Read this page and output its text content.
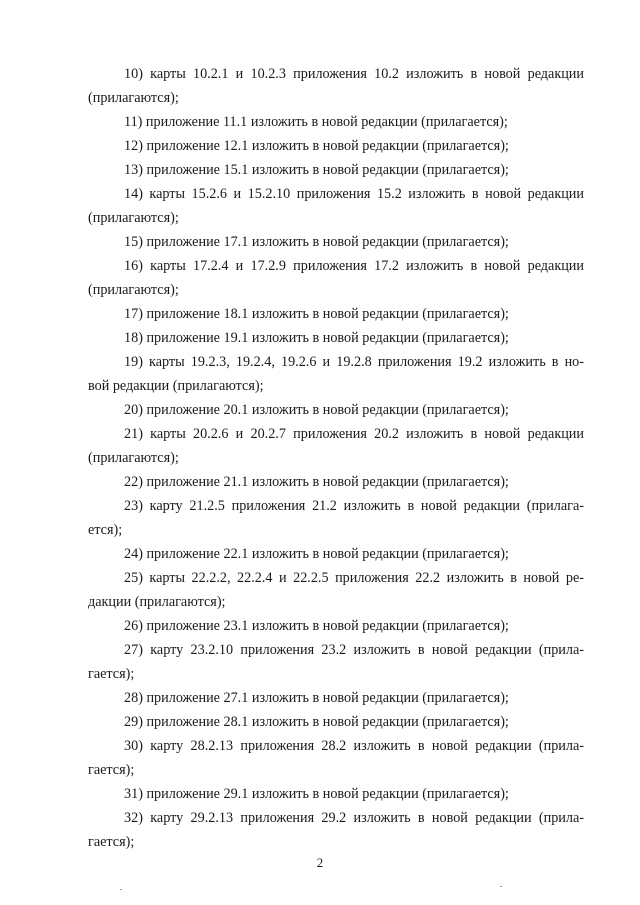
10) карты 10.2.1 и 10.2.3 приложения 10.2 изложить в новой редакции
(прилагаются);
11) приложение 11.1 изложить в новой редакции (прилагается);
12) приложение 12.1 изложить в новой редакции (прилагается);
13) приложение 15.1 изложить в новой редакции (прилагается);
14) карты 15.2.6 и 15.2.10 приложения 15.2 изложить в новой редакции
(прилагаются);
15) приложение 17.1 изложить в новой редакции (прилагается);
16) карты 17.2.4 и 17.2.9 приложения 17.2 изложить в новой редакции
(прилагаются);
17) приложение 18.1 изложить в новой редакции (прилагается);
18) приложение 19.1 изложить в новой редакции (прилагается);
19) карты 19.2.3, 19.2.4, 19.2.6 и 19.2.8 приложения 19.2 изложить в но-
вой редакции (прилагаются);
20) приложение 20.1 изложить в новой редакции (прилагается);
21) карты 20.2.6 и 20.2.7 приложения 20.2 изложить в новой редакции
(прилагаются);
22) приложение 21.1 изложить в новой редакции (прилагается);
23) карту 21.2.5 приложения 21.2 изложить в новой редакции (прилага-
ется);
24) приложение 22.1 изложить в новой редакции (прилагается);
25) карты 22.2.2, 22.2.4 и 22.2.5 приложения 22.2 изложить в новой ре-
дакции (прилагаются);
26) приложение 23.1 изложить в новой редакции (прилагается);
27) карту 23.2.10 приложения 23.2 изложить в новой редакции (прила-
гается);
28) приложение 27.1 изложить в новой редакции (прилагается);
29) приложение 28.1 изложить в новой редакции (прилагается);
30) карту 28.2.13 приложения 28.2 изложить в новой редакции (прила-
гается);
31) приложение 29.1 изложить в новой редакции (прилагается);
32) карту 29.2.13 приложения 29.2 изложить в новой редакции (прила-
гается);
2
